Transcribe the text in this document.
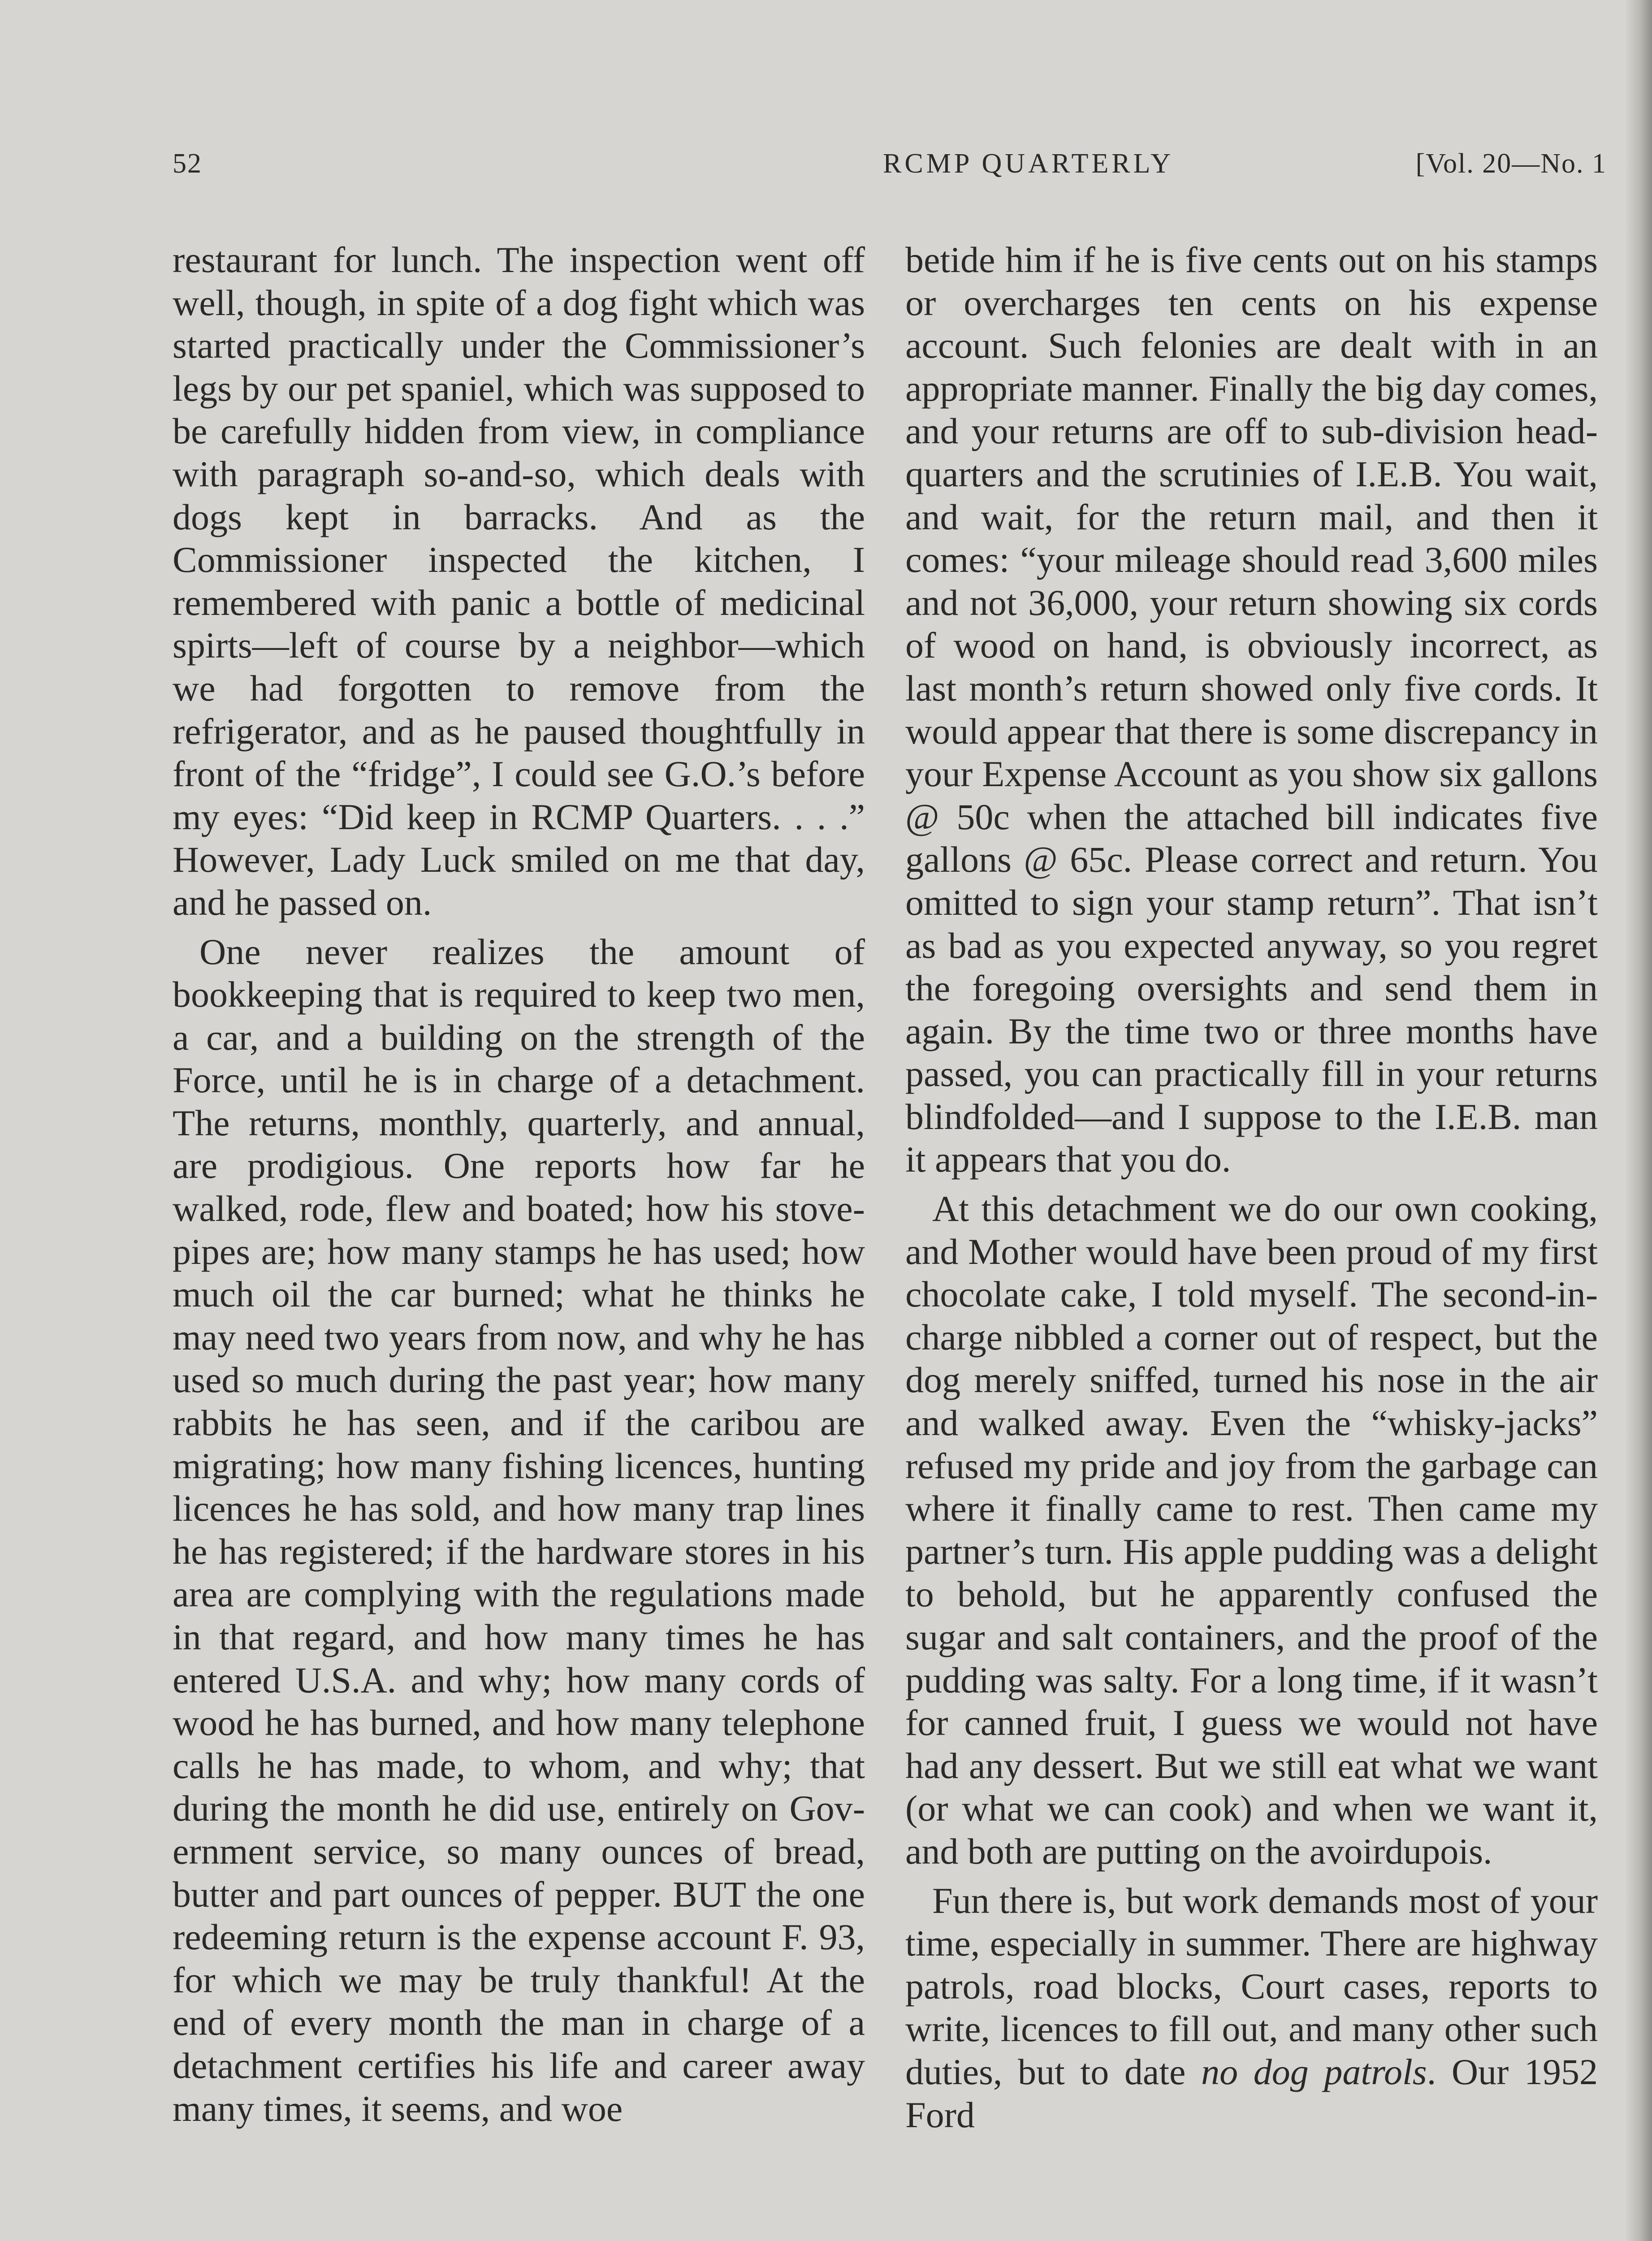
52	RCMP QUARTERLY	[Vol. 20—No. 1

restaurant for lunch. The inspection went off well, though, in spite of a dog fight which was started practically under the Commissioner’s legs by our pet spaniel, which was supposed to be carefully hidden from view, in compliance with paragraph so-and-so, which deals with dogs kept in barracks. And as the Commissioner inspected the kitchen, I remembered with panic a bottle of medicinal spirts—left of course by a neighbor—which we had forgotten to remove from the refrigerator, and as he paused thoughtfully in front of the “fridge”, I could see G.O.’s before my eyes: “Did keep in RCMP Quarters. . . .” However, Lady Luck smiled on me that day, and he passed on.

One never realizes the amount of bookkeeping that is required to keep two men, a car, and a building on the strength of the Force, until he is in charge of a detachment. The returns, monthly, quarterly, and annual, are prodigious. One reports how far he walked, rode, flew and boated; how his stove-pipes are; how many stamps he has used; how much oil the car burned; what he thinks he may need two years from now, and why he has used so much during the past year; how many rabbits he has seen, and if the caribou are migrating; how many fishing licences, hunting licences he has sold, and how many trap lines he has registered; if the hardware stores in his area are complying with the regulations made in that regard, and how many times he has entered U.S.A. and why; how many cords of wood he has burned, and how many telephone calls he has made, to whom, and why; that during the month he did use, entirely on Government service, so many ounces of bread, butter and part ounces of pepper. BUT the one redeeming return is the expense account F. 93, for which we may be truly thankful! At the end of every month the man in charge of a detachment certifies his life and career away many times, it seems, and woe

betide him if he is five cents out on his stamps or overcharges ten cents on his expense account. Such felonies are dealt with in an appropriate manner. Finally the big day comes, and your returns are off to sub-division headquarters and the scrutinies of I.E.B. You wait, and wait, for the return mail, and then it comes: “your mileage should read 3,600 miles and not 36,000, your return showing six cords of wood on hand, is obviously incorrect, as last month’s return showed only five cords. It would appear that there is some discrepancy in your Expense Account as you show six gallons @ 50c when the attached bill indicates five gallons @ 65c. Please correct and return. You omitted to sign your stamp return”. That isn’t as bad as you expected anyway, so you regret the foregoing oversights and send them in again. By the time two or three months have passed, you can practically fill in your returns blindfolded—and I suppose to the I.E.B. man it appears that you do.

At this detachment we do our own cooking, and Mother would have been proud of my first chocolate cake, I told myself. The second-in-charge nibbled a corner out of respect, but the dog merely sniffed, turned his nose in the air and walked away. Even the “whisky-jacks” refused my pride and joy from the garbage can where it finally came to rest. Then came my partner’s turn. His apple pudding was a delight to behold, but he apparently confused the sugar and salt containers, and the proof of the pudding was salty. For a long time, if it wasn’t for canned fruit, I guess we would not have had any dessert. But we still eat what we want (or what we can cook) and when we want it, and both are putting on the avoirdupois.

Fun there is, but work demands most of your time, especially in summer. There are highway patrols, road blocks, Court cases, reports to write, licences to fill out, and many other such duties, but to date no dog patrols. Our 1952 Ford
